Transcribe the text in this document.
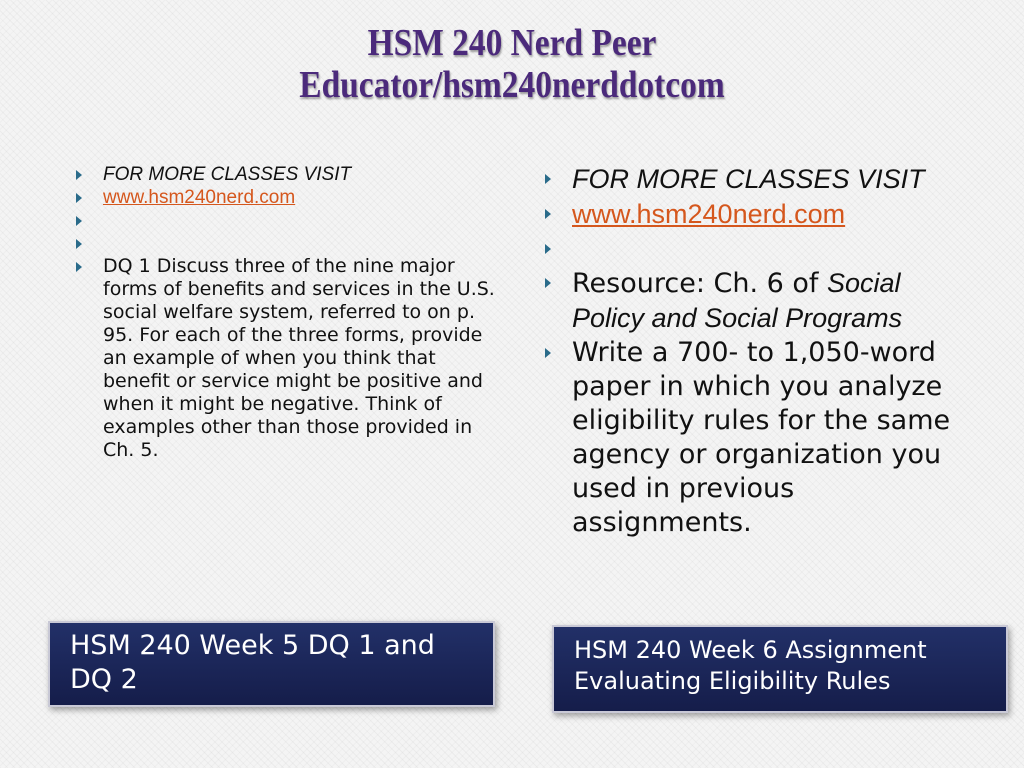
HSM 240 Nerd Peer
Educator/hsm240nerddotcom
FOR MORE CLASSES VISIT
www.hsm240nerd.com
DQ 1 Discuss three of the nine major forms of benefits and services in the U.S. social welfare system, referred to on p. 95. For each of the three forms, provide an example of when you think that benefit or service might be positive and when it might be negative. Think of examples other than those provided in Ch. 5.
FOR MORE CLASSES VISIT
www.hsm240nerd.com
Resource: Ch. 6 of Social Policy and Social Programs
Write a 700- to 1,050-word paper in which you analyze eligibility rules for the same agency or organization you used in previous assignments.
HSM 240 Week 5 DQ 1 and DQ 2
HSM 240 Week 6 Assignment Evaluating Eligibility Rules
